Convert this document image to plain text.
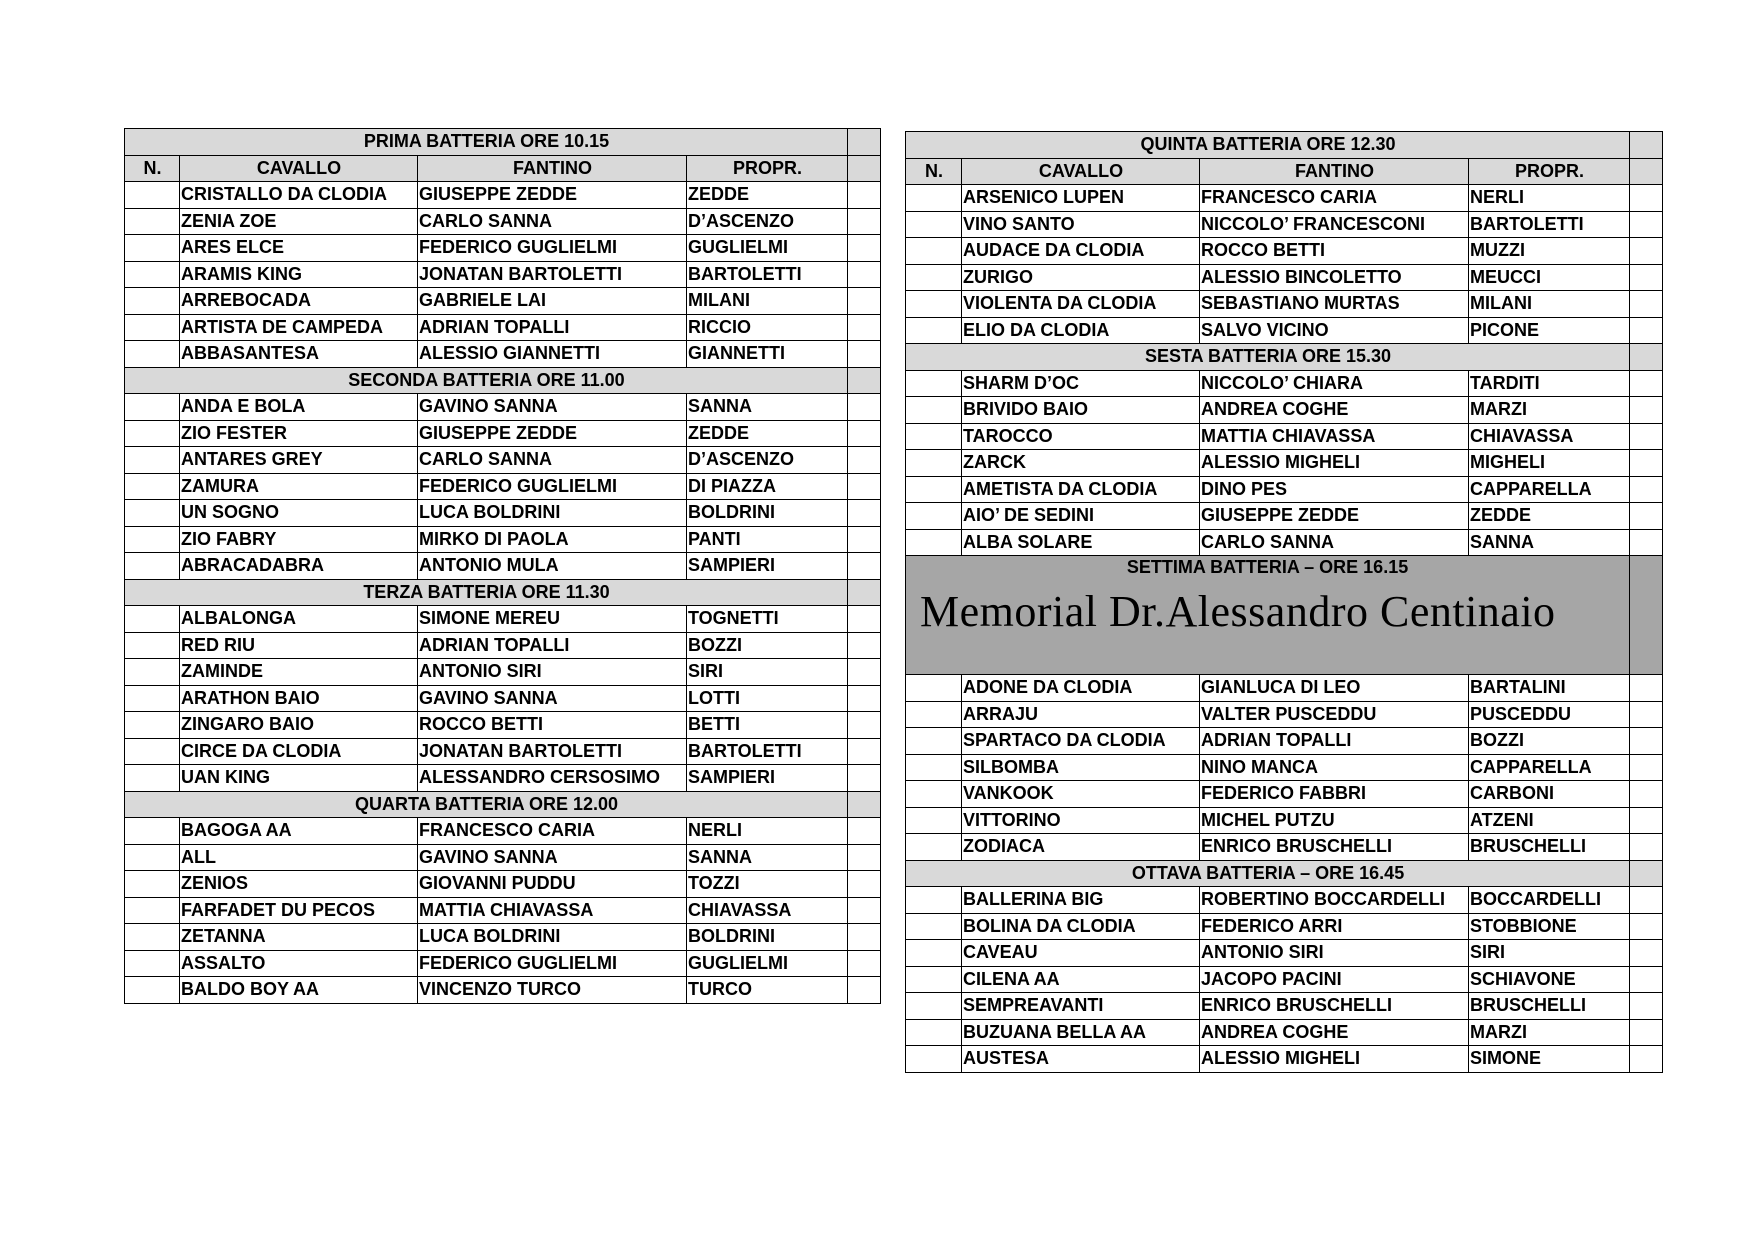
PRIMA BATTERIA ORE 10.15				
N.	CAVALLO	FANTINO	PROPR.	
	CRISTALLO DA CLODIA	GIUSEPPE ZEDDE	ZEDDE	
	ZENIA ZOE	CARLO SANNA	D’ASCENZO	
	ARES ELCE	FEDERICO GUGLIELMI	GUGLIELMI	
	ARAMIS KING	JONATAN BARTOLETTI	BARTOLETTI	
	ARREBOCADA	GABRIELE LAI	MILANI	
	ARTISTA DE CAMPEDA	ADRIAN TOPALLI	RICCIO	
	ABBASANTESA	ALESSIO GIANNETTI	GIANNETTI	
SECONDA BATTERIA ORE 11.00				
	ANDA E BOLA	GAVINO SANNA	SANNA	
	ZIO FESTER	GIUSEPPE ZEDDE	ZEDDE	
	ANTARES GREY	CARLO SANNA	D’ASCENZO	
	ZAMURA	FEDERICO GUGLIELMI	DI PIAZZA	
	UN SOGNO	LUCA BOLDRINI	BOLDRINI	
	ZIO FABRY	MIRKO DI PAOLA	PANTI	
	ABRACADABRA	ANTONIO MULA	SAMPIERI	
TERZA BATTERIA ORE 11.30				
	ALBALONGA	SIMONE MEREU	TOGNETTI	
	RED RIU	ADRIAN TOPALLI	BOZZI	
	ZAMINDE	ANTONIO SIRI	SIRI	
	ARATHON BAIO	GAVINO SANNA	LOTTI	
	ZINGARO BAIO	ROCCO BETTI	BETTI	
	CIRCE DA CLODIA	JONATAN BARTOLETTI	BARTOLETTI	
	UAN KING	ALESSANDRO CERSOSIMO	SAMPIERI	
QUARTA BATTERIA ORE 12.00				
	BAGOGA AA	FRANCESCO CARIA	NERLI	
	ALL	GAVINO SANNA	SANNA	
	ZENIOS	GIOVANNI PUDDU	TOZZI	
	FARFADET DU PECOS	MATTIA CHIAVASSA	CHIAVASSA	
	ZETANNA	LUCA BOLDRINI	BOLDRINI	
	ASSALTO	FEDERICO GUGLIELMI	GUGLIELMI	
	BALDO BOY AA	VINCENZO TURCO	TURCO	
QUINTA BATTERIA ORE 12.30				
N.	CAVALLO	FANTINO	PROPR.	
	ARSENICO LUPEN	FRANCESCO CARIA	NERLI	
	VINO SANTO	NICCOLO’ FRANCESCONI	BARTOLETTI	
	AUDACE DA CLODIA	ROCCO BETTI	MUZZI	
	ZURIGO	ALESSIO BINCOLETTO	MEUCCI	
	VIOLENTA DA CLODIA	SEBASTIANO MURTAS	MILANI	
	ELIO DA CLODIA	SALVO VICINO	PICONE	
SESTA BATTERIA ORE 15.30				
	SHARM D’OC	NICCOLO’ CHIARA	TARDITI	
	BRIVIDO BAIO	ANDREA COGHE	MARZI	
	TAROCCO	MATTIA CHIAVASSA	CHIAVASSA	
	ZARCK	ALESSIO MIGHELI	MIGHELI	
	AMETISTA DA CLODIA	DINO PES	CAPPARELLA	
	AIO’ DE SEDINI	GIUSEPPE ZEDDE	ZEDDE	
	ALBA SOLARE	CARLO SANNA	SANNA	

SETTIMA BATTERIA – ORE 16.15
Memorial Dr.Alessandro Centinaio				

	ADONE DA CLODIA	GIANLUCA DI LEO	BARTALINI	
	ARRAJU	VALTER PUSCEDDU	PUSCEDDU	
	SPARTACO DA CLODIA	ADRIAN TOPALLI	BOZZI	
	SILBOMBA	NINO MANCA	CAPPARELLA	
	VANKOOK	FEDERICO FABBRI	CARBONI	
	VITTORINO	MICHEL PUTZU	ATZENI	
	ZODIACA	ENRICO BRUSCHELLI	BRUSCHELLI	
OTTAVA BATTERIA – ORE 16.45				
	BALLERINA BIG	ROBERTINO BOCCARDELLI	BOCCARDELLI	
	BOLINA DA CLODIA	FEDERICO ARRI	STOBBIONE	
	CAVEAU	ANTONIO SIRI	SIRI	
	CILENA AA	JACOPO PACINI	SCHIAVONE	
	SEMPREAVANTI	ENRICO BRUSCHELLI	BRUSCHELLI	
	BUZUANA BELLA AA	ANDREA COGHE	MARZI	
	AUSTESA	ALESSIO MIGHELI	SIMONE	
